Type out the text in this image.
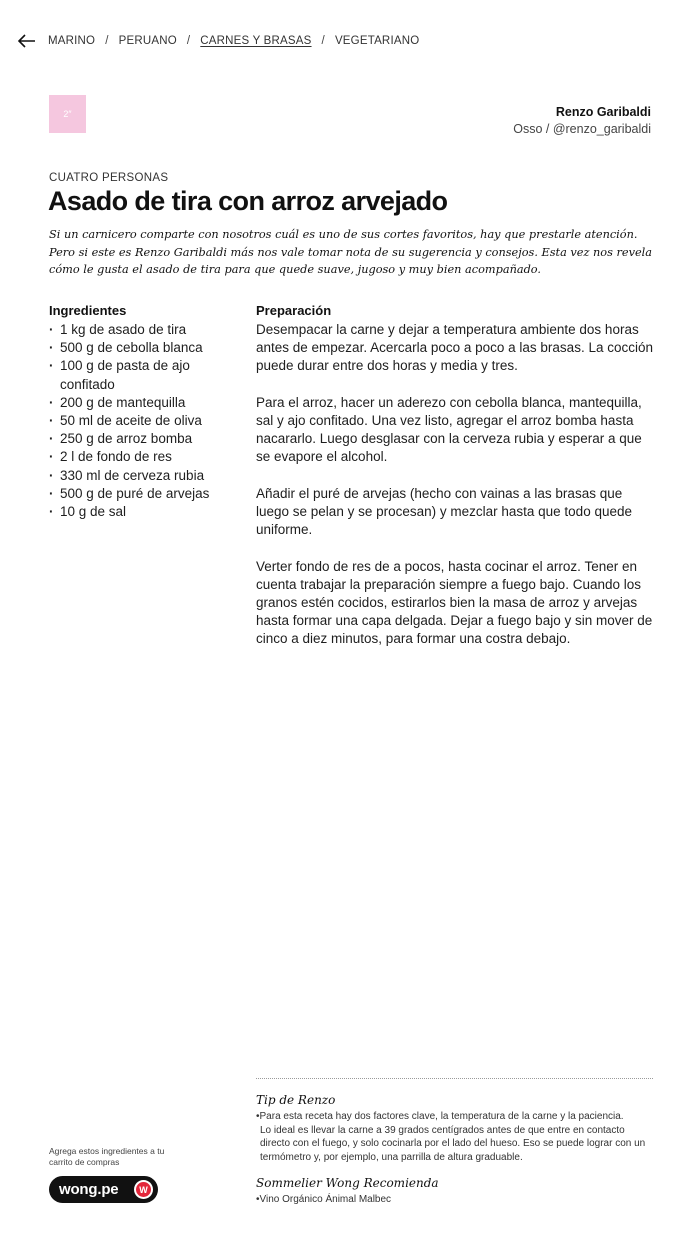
MARINO / PERUANO / CARNES Y BRASAS / VEGETARIANO
2″	Renzo Garibaldi
Osso / @renzo_garibaldi
CUATRO PERSONAS
Asado de tira con arroz arvejado

Si un carnicero comparte con nosotros cuál es uno de sus cortes favoritos, hay que prestarle atención. Pero si este es Renzo Garibaldi más nos vale tomar nota de su sugerencia y consejos. Esta vez nos revela cómo le gusta el asado de tira para que quede suave, jugoso y muy bien acompañado.

Ingredientes
· 1 kg de asado de tira
· 500 g de cebolla blanca
· 100 g de pasta de ajo confitado
· 200 g de mantequilla
· 50 ml de aceite de oliva
· 250 g de arroz bomba
· 2 l de fondo de res
· 330 ml de cerveza rubia
· 500 g de puré de arvejas
· 10 g de sal
Preparación

Desempacar la carne y dejar a temperatura ambiente dos horas antes de empezar. Acercarla poco a poco a las brasas. La cocción puede durar entre dos horas y media y tres.

Para el arroz, hacer un aderezo con cebolla blanca, mantequilla, sal y ajo confitado. Una vez listo, agregar el arroz bomba hasta nacararlo. Luego desglasar con la cerveza rubia y esperar a que se evapore el alcohol.

Añadir el puré de arvejas (hecho con vainas a las brasas que luego se pelan y se procesan) y mezclar hasta que todo quede uniforme.

Verter fondo de res de a pocos, hasta cocinar el arroz. Tener en cuenta trabajar la preparación siempre a fuego bajo. Cuando los granos estén cocidos, estirarlos bien la masa de arroz y arvejas hasta formar una capa delgada. Dejar a fuego bajo y sin mover de cinco a diez minutos, para formar una costra debajo.

Tip de Renzo
•Para esta receta hay dos factores clave, la temperatura de la carne y la paciencia.
Lo ideal es llevar la carne a 39 grados centígrados antes de que entre en contacto directo con el fuego, y solo cocinarla por el lado del hueso. Eso se puede lograr con un termómetro y, por ejemplo, una parrilla de altura graduable.
Sommelier Wong Recomienda
•Vino Orgánico Ánimal Malbec
Agrega estos ingredientes a tu carrito de compras
wong.pe	W
